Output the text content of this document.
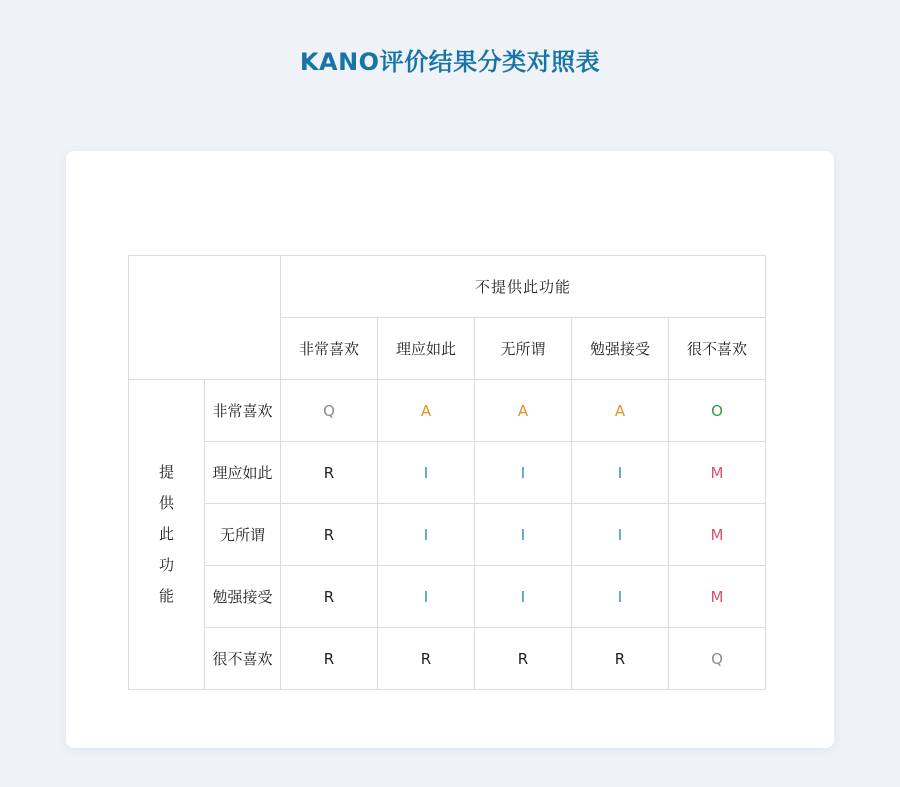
KANO评价结果分类对照表
		不提供此功能				
		非常喜欢	理应如此	无所谓	勉强接受	很不喜欢

提
供
此
功
能	非常喜欢	Q	A	A	A	O
	理应如此	R	I	I	I	M
	无所谓	R	I	I	I	M
	勉强接受	R	I	I	I	M
	很不喜欢	R	R	R	R	Q
